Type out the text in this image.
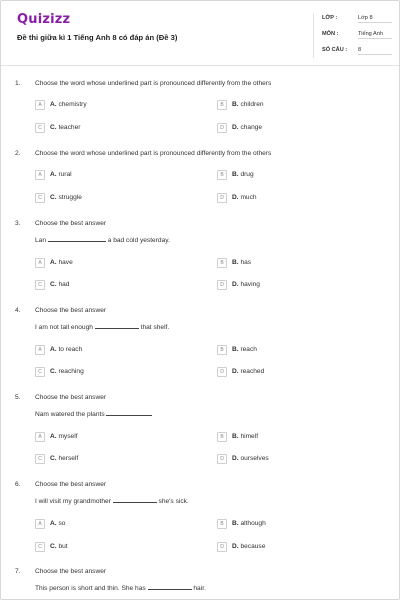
Quizizz
Đề thi giữa kì 1 Tiếng Anh 8 có đáp án (Đề 3)
LỚP :	Lớp 8
MÔN :	Tiếng Anh
SỐ CÂU : 8
1. Choose the word whose underlined part is pronounced differently from the others
A	A. chemistry	B	B. children
C	C. teacher	D	D. change
2. Choose the word whose underlined part is pronounced differently from the others
A	A. rural	B	B. drug
C	C. struggle	D	D. much
3. Choose the best answer
Lan	a bad cold yesterday.
A	A. have	B	B. has
C	C. had	D	D. having
4. Choose the best answer
I am not tall enough	that shelf.
A	A. to reach	B	B. reach
C	C. reaching	D	D. reached
5. Choose the best answer
Nam watered the plants
A	A. myself	B	B. himelf
C	C. herself	D	D. ourselves
6. Choose the best answer
I will visit my grandmother	she's sick.
A	A. so	B	B. although
C	C. but	D	D. because
7. Choose the best answer
This person is short and thin. She has	hair.
